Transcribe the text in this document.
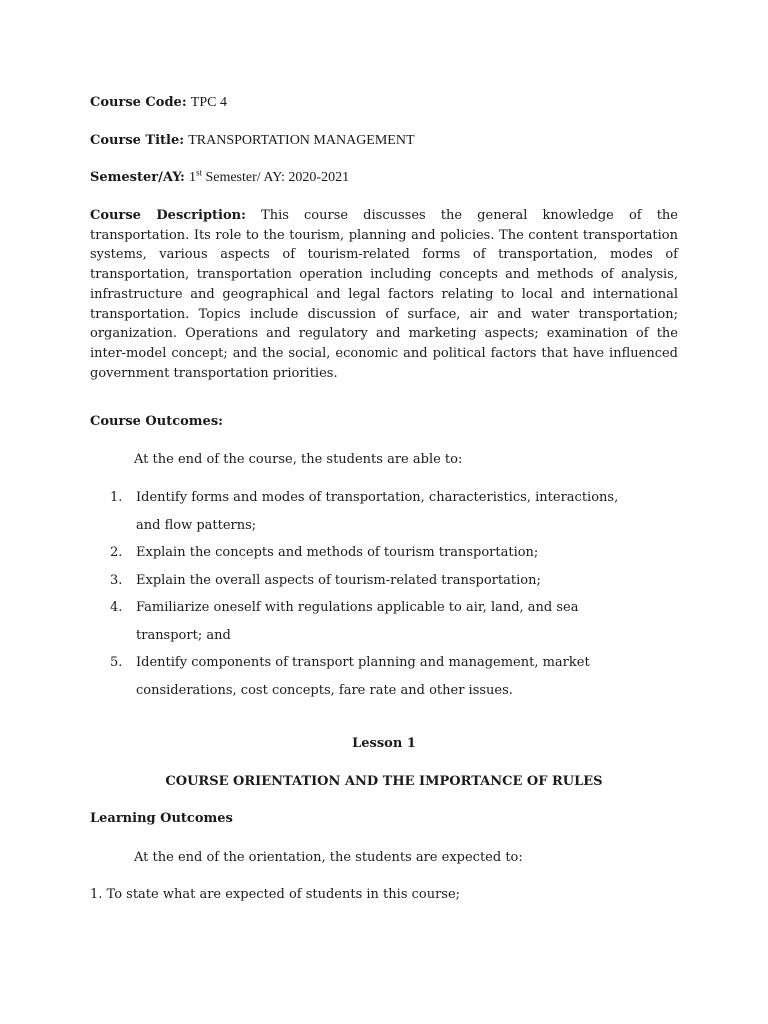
Course Code: TPC 4
Course Title: TRANSPORTATION MANAGEMENT
Semester/AY: 1st Semester/ AY: 2020-2021
Course Description: This course discusses the general knowledge of the transportation. Its role to the tourism, planning and policies. The content transportation systems, various aspects of tourism-related forms of transportation, modes of transportation, transportation operation including concepts and methods of analysis, infrastructure and geographical and legal factors relating to local and international transportation. Topics include discussion of surface, air and water transportation; organization. Operations and regulatory and marketing aspects; examination of the inter-model concept; and the social, economic and political factors that have influenced government transportation priorities.
Course Outcomes:
At the end of the course, the students are able to:
1. Identify forms and modes of transportation, characteristics, interactions,
and flow patterns;
2. Explain the concepts and methods of tourism transportation;
3. Explain the overall aspects of tourism-related transportation;
4. Familiarize oneself with regulations applicable to air, land, and sea
transport; and
5. Identify components of transport planning and management, market
considerations, cost concepts, fare rate and other issues.
Lesson 1
COURSE ORIENTATION AND THE IMPORTANCE OF RULES
Learning Outcomes
At the end of the orientation, the students are expected to:
1. To state what are expected of students in this course;
